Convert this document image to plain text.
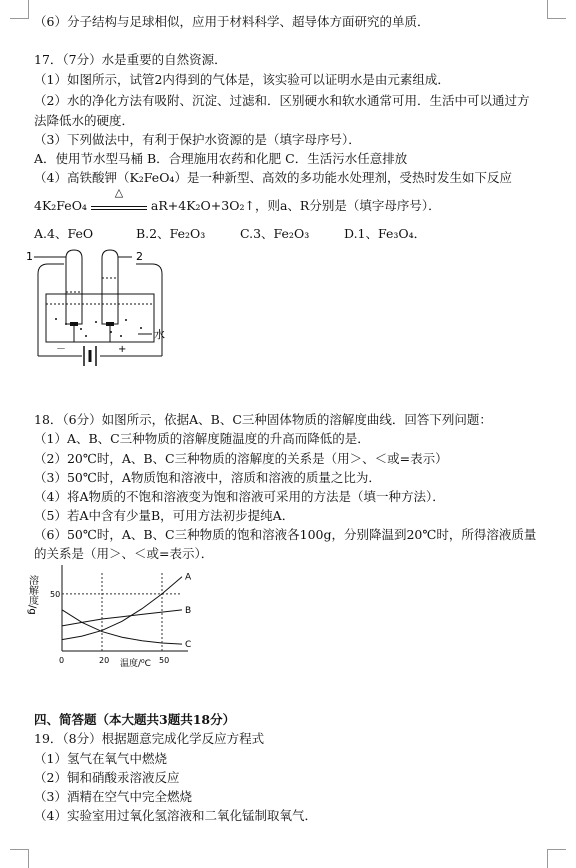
（6）分子结构与足球相似，应用于材料科学、超导体方面研究的单质．
17．（7分）水是重要的自然资源．
（1）如图所示，试管2内得到的气体是，该实验可以证明水是由元素组成．
（2）水的净化方法有吸附、沉淀、过滤和．区别硬水和软水通常可用．生活中可以通过方
法降低水的硬度．
（3）下列做法中，有利于保护水资源的是（填字母序号）．
A．使用节水型马桶 B．合理施用农药和化肥 C．生活污水任意排放
（4）高铁酸钾（K₂FeO₄）是一种新型、高效的多功能水处理剂，受热时发生如下反应
4K₂FeO₄
△
aR+4K₂O+3O₂↑，则a、R分别是（填字母序号）．
A.4、FeO	B.2、Fe₂O₃	C.3、Fe₂O₃	D.1、Fe₃O₄．
1	2
水
－	+
18．（6分）如图所示，依据A、B、C三种固体物质的溶解度曲线．回答下列问题：
（1）A、B、C三种物质的溶解度随温度的升高而降低的是．
（2）20℃时，A、B、C三种物质的溶解度的关系是（用＞、＜或=表示）
（3）50℃时，A物质饱和溶液中，溶质和溶液的质量之比为．
（4）将A物质的不饱和溶液变为饱和溶液可采用的方法是（填一种方法）．
（5）若A中含有少量B，可用方法初步提纯A．
（6）50℃时，A、B、C三种物质的饱和溶液各100g，分别降温到20℃时，所得溶液质量
的关系是（用＞、＜或=表示）．
0	20	50
50
温度/⁰C
A
B
C
溶解度/g
四、简答题（本大题共3题共18分）
19．（8分）根据题意完成化学反应方程式
（1）氢气在氧气中燃烧
（2）铜和硝酸汞溶液反应
（3）酒精在空气中完全燃烧
（4）实验室用过氧化氢溶液和二氧化锰制取氧气．
